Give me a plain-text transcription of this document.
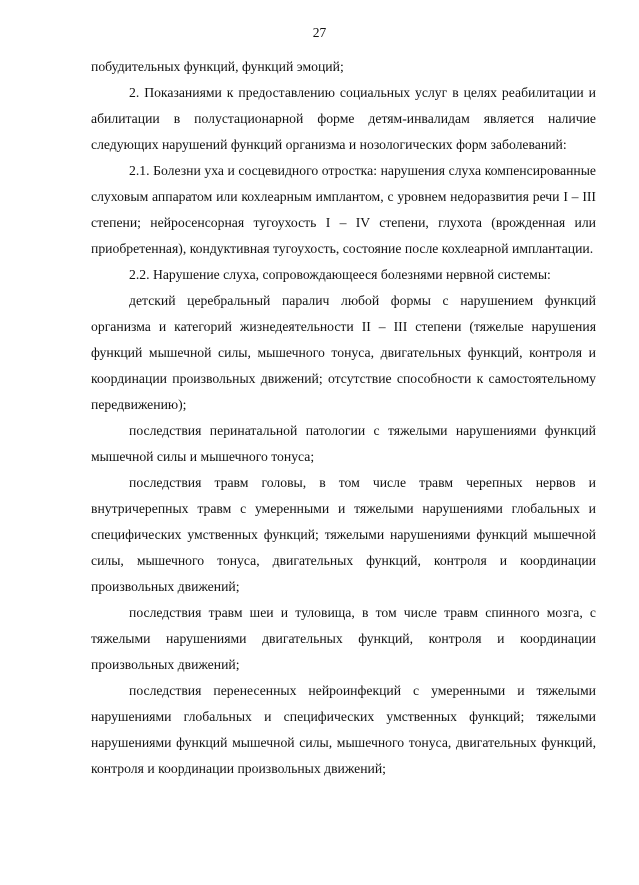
27

побудительных функций, функций эмоций;

2. Показаниями к предоставлению социальных услуг в целях реабилитации и абилитации в полустационарной форме детям-инвалидам является наличие следующих нарушений функций организма и нозологических форм заболеваний:

2.1. Болезни уха и сосцевидного отростка: нарушения слуха компенсированные слуховым аппаратом или кохлеарным имплантом, с уровнем недоразвития речи I – III степени; нейросенсорная тугоухость I – IV степени, глухота (врожденная или приобретенная), кондуктивная тугоухость, состояние после кохлеарной имплантации.

2.2. Нарушение слуха, сопровождающееся болезнями нервной системы:

детский церебральный паралич любой формы с нарушением функций организма и категорий жизнедеятельности II – III степени (тяжелые нарушения функций мышечной силы, мышечного тонуса, двигательных функций, контроля и координации произвольных движений; отсутствие способности к самостоятельному передвижению);

последствия перинатальной патологии с тяжелыми нарушениями функций мышечной силы и мышечного тонуса;

последствия травм головы, в том числе травм черепных нервов и внутричерепных травм с умеренными и тяжелыми нарушениями глобальных и специфических умственных функций; тяжелыми нарушениями функций мышечной силы, мышечного тонуса, двигательных функций, контроля и координации произвольных движений;

последствия травм шеи и туловища, в том числе травм спинного мозга, с тяжелыми нарушениями двигательных функций, контроля и координации произвольных движений;

последствия перенесенных нейроинфекций с умеренными и тяжелыми нарушениями глобальных и специфических умственных функций; тяжелыми нарушениями функций мышечной силы, мышечного тонуса, двигательных функций, контроля и координации произвольных движений;
